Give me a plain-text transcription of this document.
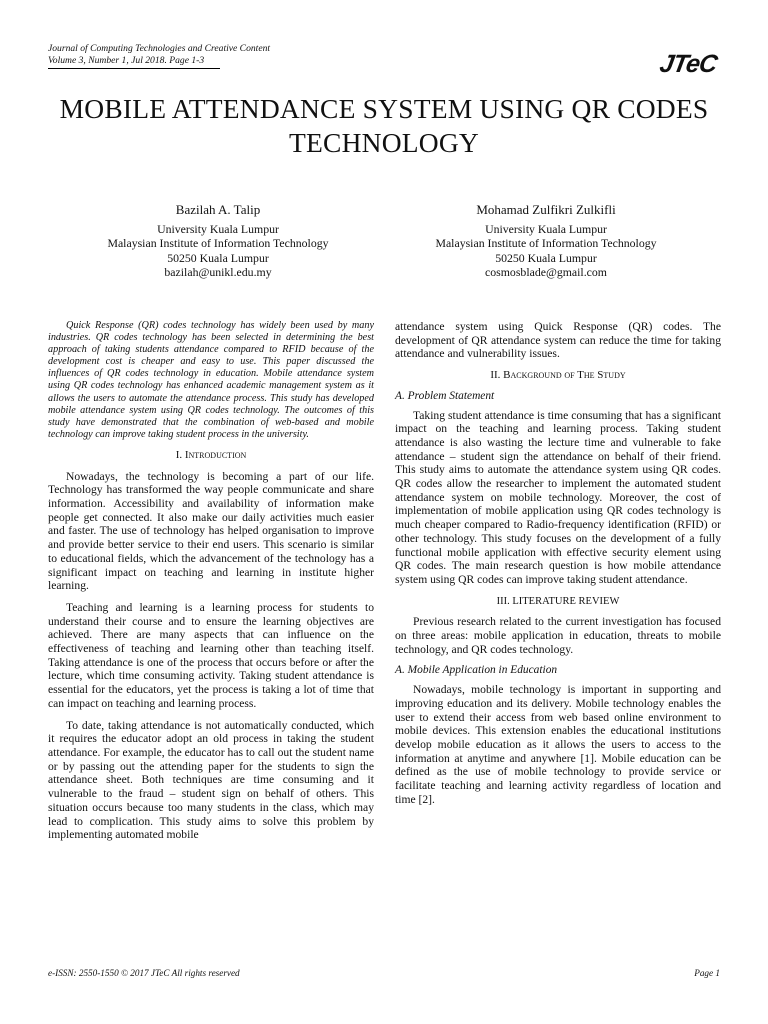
Journal of Computing Technologies and Creative Content
Volume 3, Number 1, Jul 2018. Page 1-3	JTeC
MOBILE ATTENDANCE SYSTEM USING QR CODES TECHNOLOGY
Bazilah A. Talip
University Kuala Lumpur
Malaysian Institute of Information Technology
50250 Kuala Lumpur
bazilah@unikl.edu.my
Mohamad Zulfikri Zulkifli
University Kuala Lumpur
Malaysian Institute of Information Technology
50250 Kuala Lumpur
cosmosblade@gmail.com

Quick Response (QR) codes technology has widely been used by many industries. QR codes technology has been selected in determining the best approach of taking students attendance compared to RFID because of the development cost is cheaper and easy to use. This paper discussed the influences of QR codes technology in education. Mobile attendance system using QR codes technology has enhanced academic management system as it allows the users to automate the attendance process. This study has developed mobile attendance system using QR codes technology. The outcomes of this study have demonstrated that the combination of web-based and mobile technology can improve taking student process in the university.

I. Introduction

Nowadays, the technology is becoming a part of our life. Technology has transformed the way people communicate and share information. Accessibility and availability of information make people get connected. It also make our daily activities much easier and faster. The use of technology has helped organisation to improve and provide better service to their end users. This scenario is similar to educational fields, which the advancement of the technology has a significant impact on teaching and learning in institute higher learning.

Teaching and learning is a learning process for students to understand their course and to ensure the learning objectives are achieved. There are many aspects that can influence on the effectiveness of teaching and learning other than teaching itself. Taking attendance is one of the process that occurs before or after the lecture, which time consuming activity. Taking student attendance is essential for the educators, yet the process is taking a lot of time that can impact on teaching and learning process.

To date, taking attendance is not automatically conducted, which it requires the educator adopt an old process in taking the student attendance. For example, the educator has to call out the student name or by passing out the attending paper for the students to sign the attendance sheet. Both techniques are time consuming and it vulnerable to the fraud – student sign on behalf of others. This situation occurs because too many students in the class, which may lead to complication. This study aims to solve this problem by implementing automated mobile

attendance system using Quick Response (QR) codes. The development of QR attendance system can reduce the time for taking attendance and vulnerability issues.

II. Background of The Study
A. Problem Statement

Taking student attendance is time consuming that has a significant impact on the teaching and learning process. Taking student attendance is also wasting the lecture time and vulnerable to fake attendance – student sign the attendance on behalf of their friend. This study aims to automate the attendance system using QR codes. QR codes allow the researcher to implement the automated student attendance system on mobile technology. Moreover, the cost of implementation of mobile application using QR codes technology is much cheaper compared to Radio-frequency identification (RFID) or other technology. This study focuses on the development of a fully functional mobile application with effective security element using QR codes. The main research question is how mobile attendance system using QR codes can improve taking student attendance.

III. LITERATURE REVIEW

Previous research related to the current investigation has focused on three areas: mobile application in education, threats to mobile technology, and QR codes technology.

A. Mobile Application in Education

Nowadays, mobile technology is important in supporting and improving education and its delivery. Mobile technology enables the user to extend their access from web based online environment to mobile devices. This extension enables the educational institutions develop mobile education as it allows the users to access to the information at anytime and anywhere [1]. Mobile education can be defined as the use of mobile technology to provide service or facilitate teaching and learning activity regardless of location and time [2].

e-ISSN: 2550-1550 © 2017 JTeC All rights reserved	Page 1
